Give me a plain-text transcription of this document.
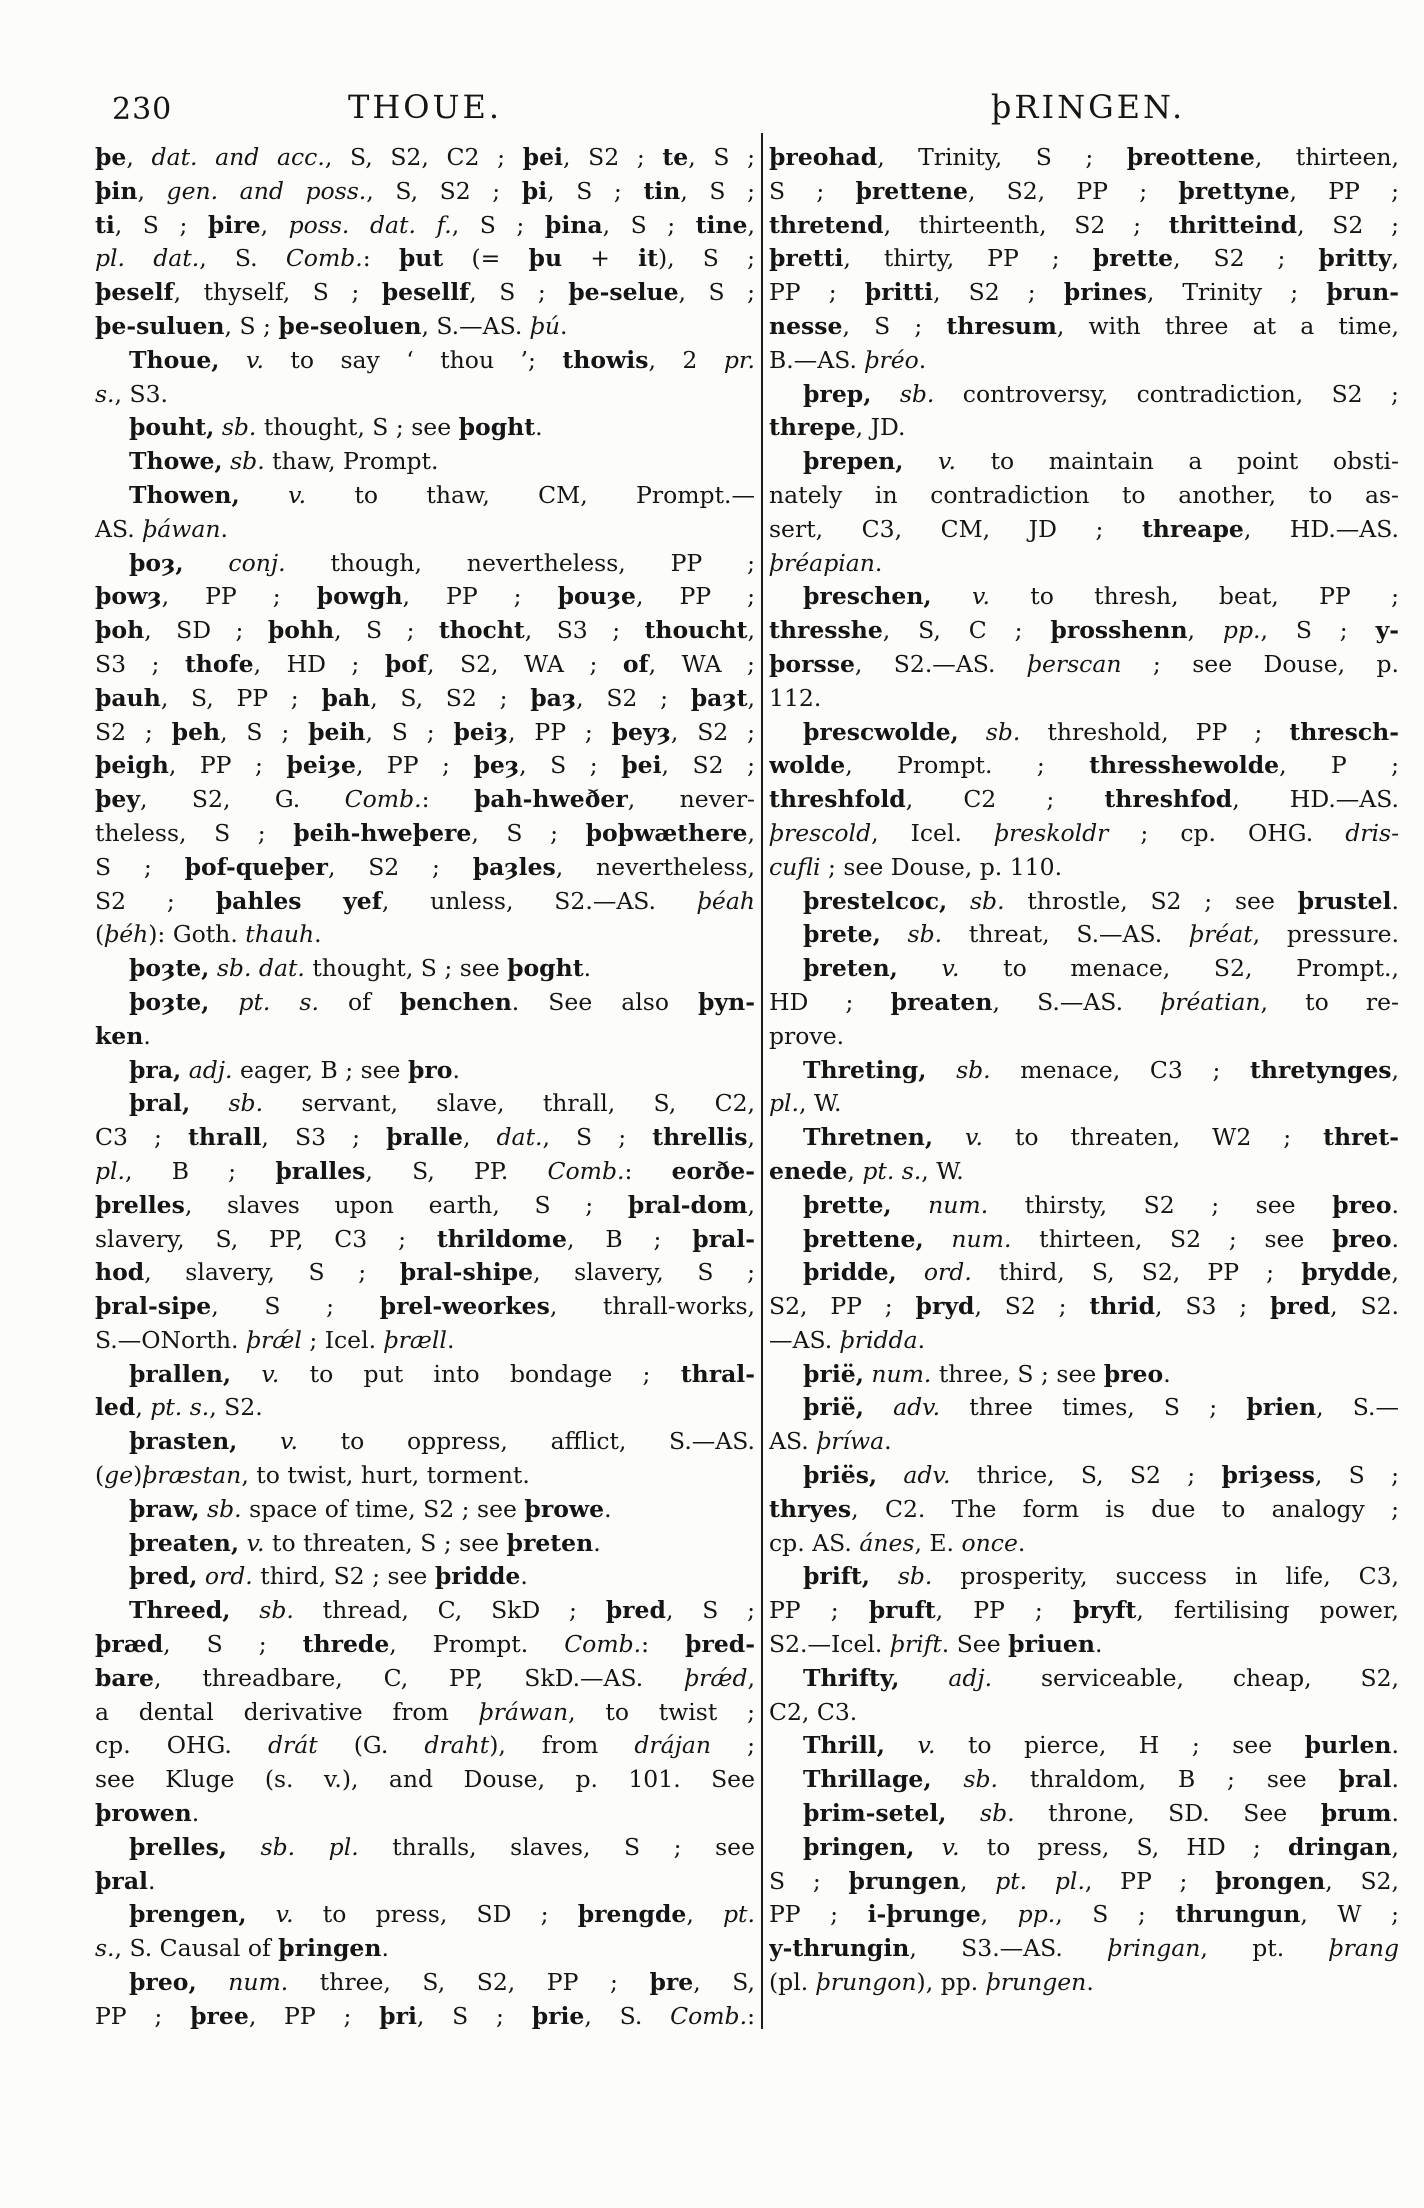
230	THOUE.	þRINGEN.
þe, dat. and acc., S, S2, C2 ; þei, S2 ; te, S ;
þin, gen. and poss., S, S2 ; þi, S ; tin, S ;
ti, S ; þire, poss. dat. f., S ; þina, S ; tine,
pl. dat., S. Comb.: þut (= þu + it), S ;
þeself, thyself, S ; þesellf, S ; þe-selue, S ;
þe-suluen, S ; þe-seoluen, S.—AS. þú.
Thoue, v. to say ‘ thou ’; thowis, 2 pr.
s., S3.
þouht, sb. thought, S ; see þoght.
Thowe, sb. thaw, Prompt.
Thowen, v. to thaw, CM, Prompt.—
AS. þáwan.
þoȝ, conj. though, nevertheless, PP ;
þowȝ, PP ; þowgh, PP ; þouȝe, PP ;
þoh, SD ; þohh, S ; thocht, S3 ; thoucht,
S3 ; thofe, HD ; þof, S2, WA ; of, WA ;
þauh, S, PP ; þah, S, S2 ; þaȝ, S2 ; þaȝt,
S2 ; þeh, S ; þeih, S ; þeiȝ, PP ; þeyȝ, S2 ;
þeigh, PP ; þeiȝe, PP ; þeȝ, S ; þei, S2 ;
þey, S2, G. Comb.: þah-hweðer, never-
theless, S ; þeih-hweþere, S ; þoþwæthere,
S ; þof-queþer, S2 ; þaȝles, nevertheless,
S2 ; þahles yef, unless, S2.—AS. þéah
(þéh): Goth. thauh.
þoȝte, sb. dat. thought, S ; see þoght.
þoȝte, pt. s. of þenchen. See also þyn-
ken.
þra, adj. eager, B ; see þro.
þral, sb. servant, slave, thrall, S, C2,
C3 ; thrall, S3 ; þralle, dat., S ; threllis,
pl., B ; þralles, S, PP. Comb.: eorðe-
þrelles, slaves upon earth, S ; þral-dom,
slavery, S, PP, C3 ; thrildome, B ; þral-
hod, slavery, S ; þral-shipe, slavery, S ;
þral-sipe, S ; þrel-weorkes, thrall-works,
S.—ONorth. þrǽl ; Icel. þræll.
þrallen, v. to put into bondage ; thral-
led, pt. s., S2.
þrasten, v. to oppress, afflict, S.—AS.
(ge)þræstan, to twist, hurt, torment.
þraw, sb. space of time, S2 ; see þrowe.
þreaten, v. to threaten, S ; see þreten.
þred, ord. third, S2 ; see þridde.
Threed, sb. thread, C, SkD ; þred, S ;
þræd, S ; threde, Prompt. Comb.: þred-
bare, threadbare, C, PP, SkD.—AS. þrǽd,
a dental derivative from þráwan, to twist ;
cp. OHG. drát (G. draht), from drájan ;
see Kluge (s. v.), and Douse, p. 101. See
þrowen.
þrelles, sb. pl. thralls, slaves, S ; see
þral.
þrengen, v. to press, SD ; þrengde, pt.
s., S. Causal of þringen.
þreo, num. three, S, S2, PP ; þre, S,
PP ; þree, PP ; þri, S ; þrie, S. Comb.:
þreohad, Trinity, S ; þreottene, thirteen,
S ; þrettene, S2, PP ; þrettyne, PP ;
thretend, thirteenth, S2 ; thritteind, S2 ;
þretti, thirty, PP ; þrette, S2 ; þritty,
PP ; þritti, S2 ; þrines, Trinity ; þrun-
nesse, S ; thresum, with three at a time,
B.—AS. þréo.
þrep, sb. controversy, contradiction, S2 ;
threpe, JD.
þrepen, v. to maintain a point obsti-
nately in contradiction to another, to as-
sert, C3, CM, JD ; threape, HD.—AS.
þréapian.
þreschen, v. to thresh, beat, PP ;
thresshe, S, C ; þrosshenn, pp., S ; y-
þorsse, S2.—AS. þerscan ; see Douse, p.
112.
þrescwolde, sb. threshold, PP ; thresch-
wolde, Prompt. ; thresshewolde, P ;
threshfold, C2 ; threshfod, HD.—AS.
þrescold, Icel. þreskoldr ; cp. OHG. dris-
cufli ; see Douse, p. 110.
þrestelcoc, sb. throstle, S2 ; see þrustel.
þrete, sb. threat, S.—AS. þréat, pressure.
þreten, v. to menace, S2, Prompt.,
HD ; þreaten, S.—AS. þréatian, to re-
prove.
Threting, sb. menace, C3 ; thretynges,
pl., W.
Thretnen, v. to threaten, W2 ; thret-
enede, pt. s., W.
þrette, num. thirsty, S2 ; see þreo.
þrettene, num. thirteen, S2 ; see þreo.
þridde, ord. third, S, S2, PP ; þrydde,
S2, PP ; þryd, S2 ; thrid, S3 ; þred, S2.
—AS. þridda.
þrië, num. three, S ; see þreo.
þrië, adv. three times, S ; þrien, S.—
AS. þríwa.
þriës, adv. thrice, S, S2 ; þriȝess, S ;
thryes, C2. The form is due to analogy ;
cp. AS. ánes, E. once.
þrift, sb. prosperity, success in life, C3,
PP ; þruft, PP ; þryft, fertilising power,
S2.—Icel. þrift. See þriuen.
Thrifty, adj. serviceable, cheap, S2,
C2, C3.
Thrill, v. to pierce, H ; see þurlen.
Thrillage, sb. thraldom, B ; see þral.
þrim-setel, sb. throne, SD. See þrum.
þringen, v. to press, S, HD ; dringan,
S ; þrungen, pt. pl., PP ; þrongen, S2,
PP ; i-þrunge, pp., S ; thrungun, W ;
y-thrungin, S3.—AS. þringan, pt. þrang
(pl. þrungon), pp. þrungen.
